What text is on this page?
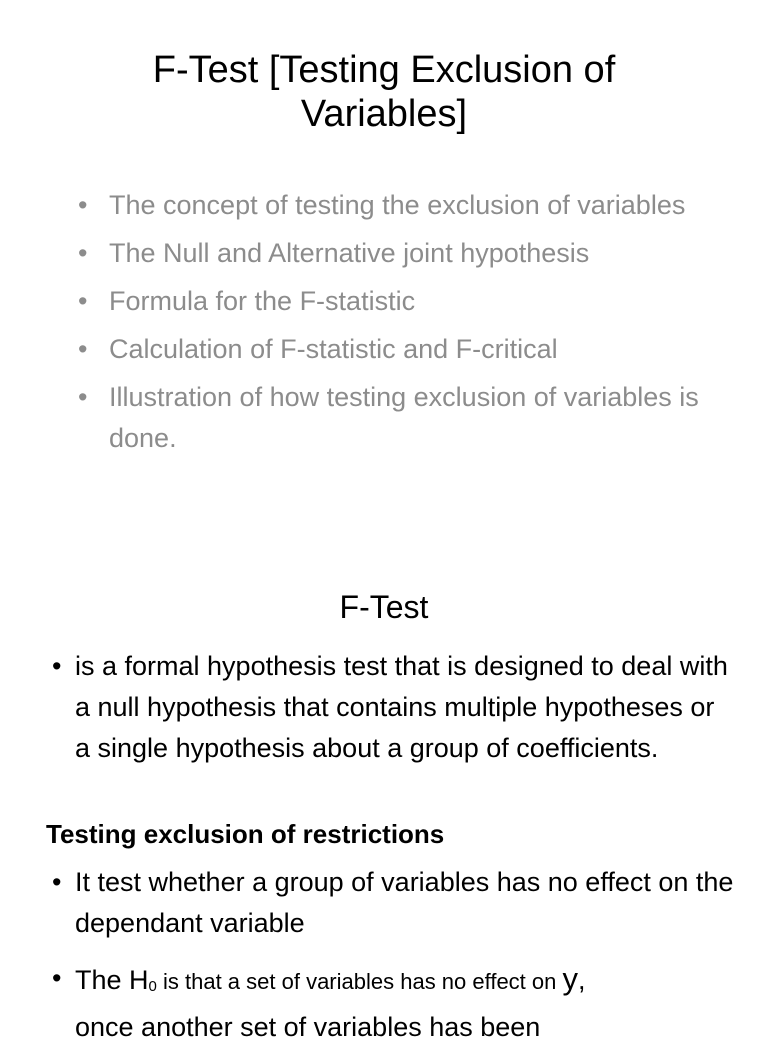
F-Test [Testing Exclusion of
Variables]
• The concept of testing the exclusion of variables
• The Null and Alternative joint hypothesis
• Formula for the F-statistic
• Calculation of F-statistic and F-critical
• Illustration of how testing exclusion of variables is done.
F-Test
• is a formal hypothesis test that is designed to deal with a null hypothesis that contains multiple hypotheses or a single hypothesis about a group of coefficients.
Testing exclusion of restrictions
• It test whether a group of variables has no effect on the dependant variable
• The H0 is that a set of variables has no effect on y,
once another set of variables has been
